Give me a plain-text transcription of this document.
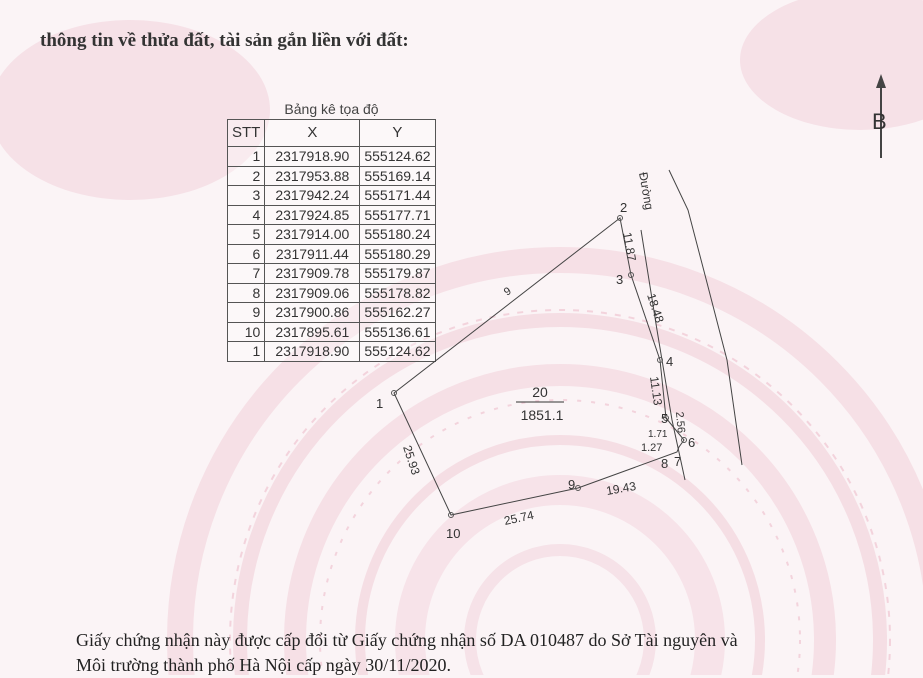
thông tin về thửa đất, tài sản gắn liền với đất:
Bảng kê tọa độ
STT	X	Y
1	2317918.90	555124.62
2	2317953.88	555169.14
3	2317942.24	555171.44
4	2317924.85	555177.71
5	2317914.00	555180.24
6	2317911.44	555180.29
7	2317909.78	555179.87
8	2317909.06	555178.82
9	2317900.86	555162.27
10	2317895.61	555136.61
1	2317918.90	555124.62
B
Đường
1
2
3
4
5
6
7
8
9
10
11.87
18.48
11.13
2.56
1.71
1.27
19.43
25.74
25.93
9
20
1851.1

Giấy chứng nhận này được cấp đổi từ Giấy chứng nhận số DA 010487 do Sở Tài nguyên và
Môi trường thành phố Hà Nội cấp ngày 30/11/2020.
